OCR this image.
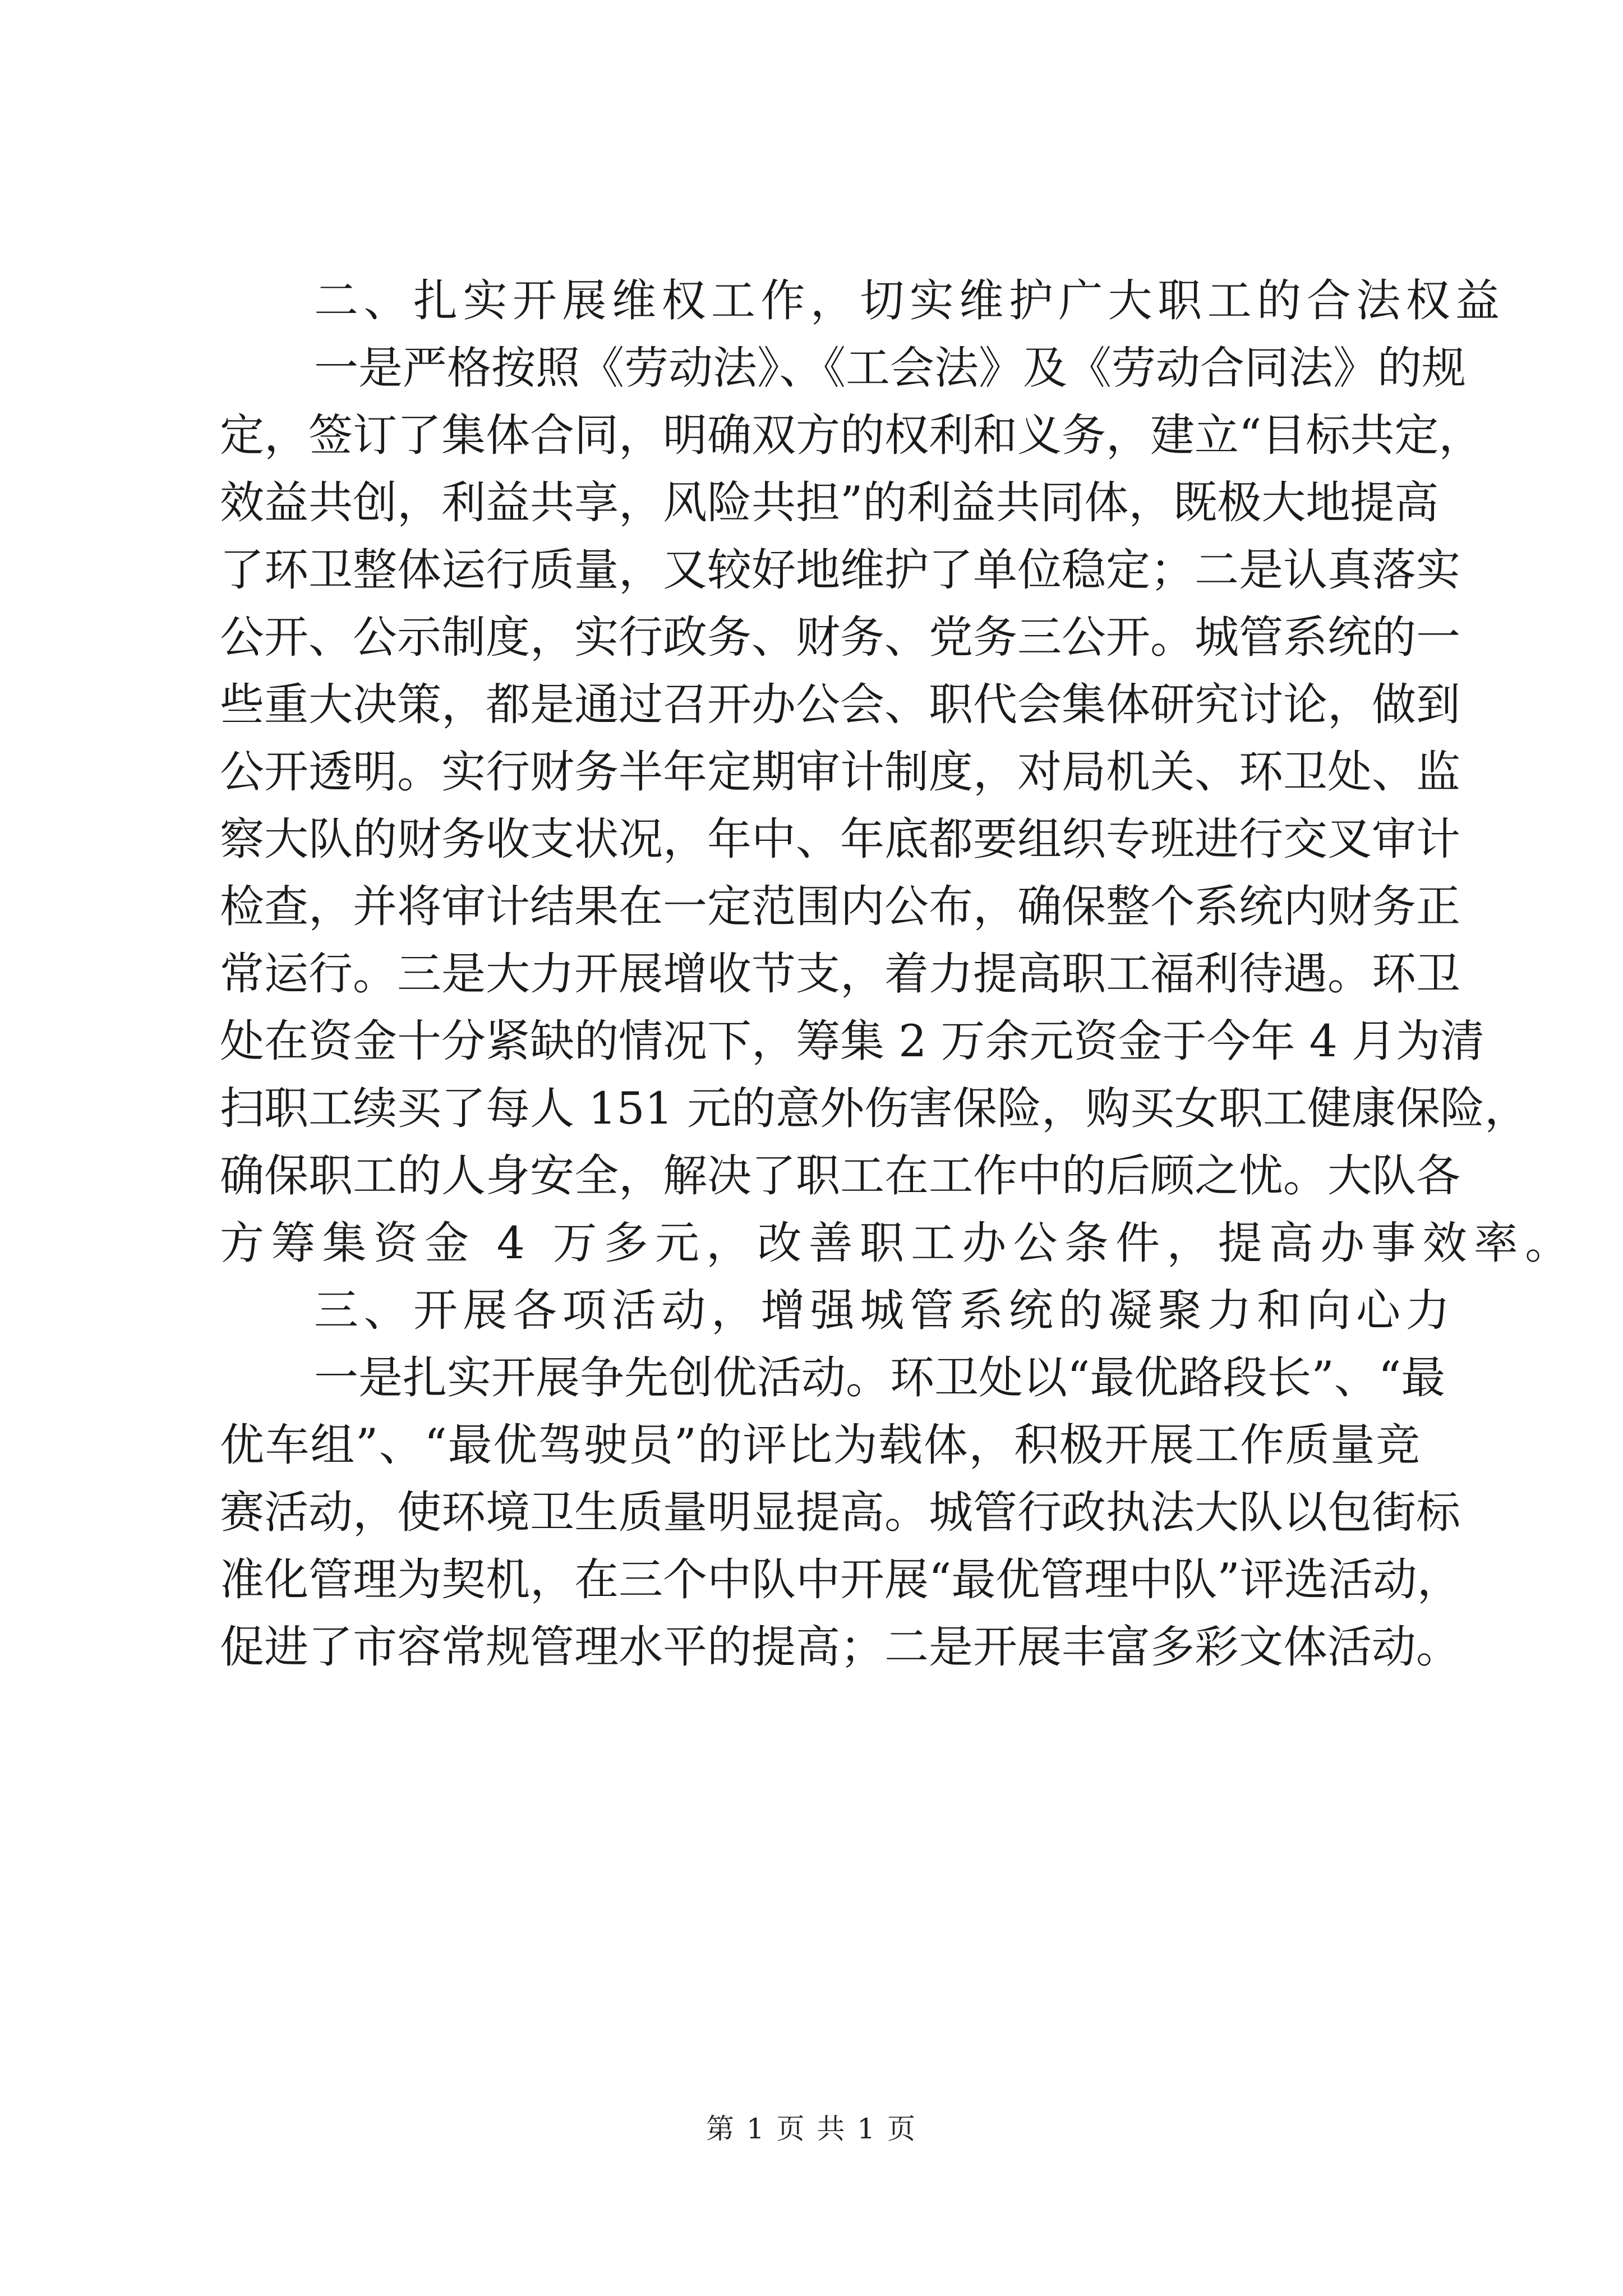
二、扎实开展维权工作，切实维护广大职工的合法权益
一是严格按照《劳动法》、《工会法》及《劳动合同法》的规
定，签订了集体合同，明确双方的权利和义务，建立“目标共定，
效益共创，利益共享，风险共担”的利益共同体，既极大地提高
了环卫整体运行质量，又较好地维护了单位稳定；二是认真落实
公开、公示制度，实行政务、财务、党务三公开。城管系统的一
些重大决策，都是通过召开办公会、职代会集体研究讨论，做到
公开透明。实行财务半年定期审计制度，对局机关、环卫处、监
察大队的财务收支状况，年中、年底都要组织专班进行交叉审计
检查，并将审计结果在一定范围内公布，确保整个系统内财务正
常运行。三是大力开展增收节支，着力提高职工福利待遇。环卫
处在资金十分紧缺的情况下，筹集 2 万余元资金于今年 4 月为清
扫职工续买了每人 151 元的意外伤害保险，购买女职工健康保险，
确保职工的人身安全，解决了职工在工作中的后顾之忧。大队各
方筹集资金 4 万多元，改善职工办公条件，提高办事效率。
三、开展各项活动，增强城管系统的凝聚力和向心力
一是扎实开展争先创优活动。环卫处以“最优路段长”、“最
优车组”、“最优驾驶员”的评比为载体，积极开展工作质量竞
赛活动，使环境卫生质量明显提高。城管行政执法大队以包街标
准化管理为契机，在三个中队中开展“最优管理中队”评选活动，
促进了市容常规管理水平的提高；二是开展丰富多彩文体活动。
第 1 页 共 1 页
